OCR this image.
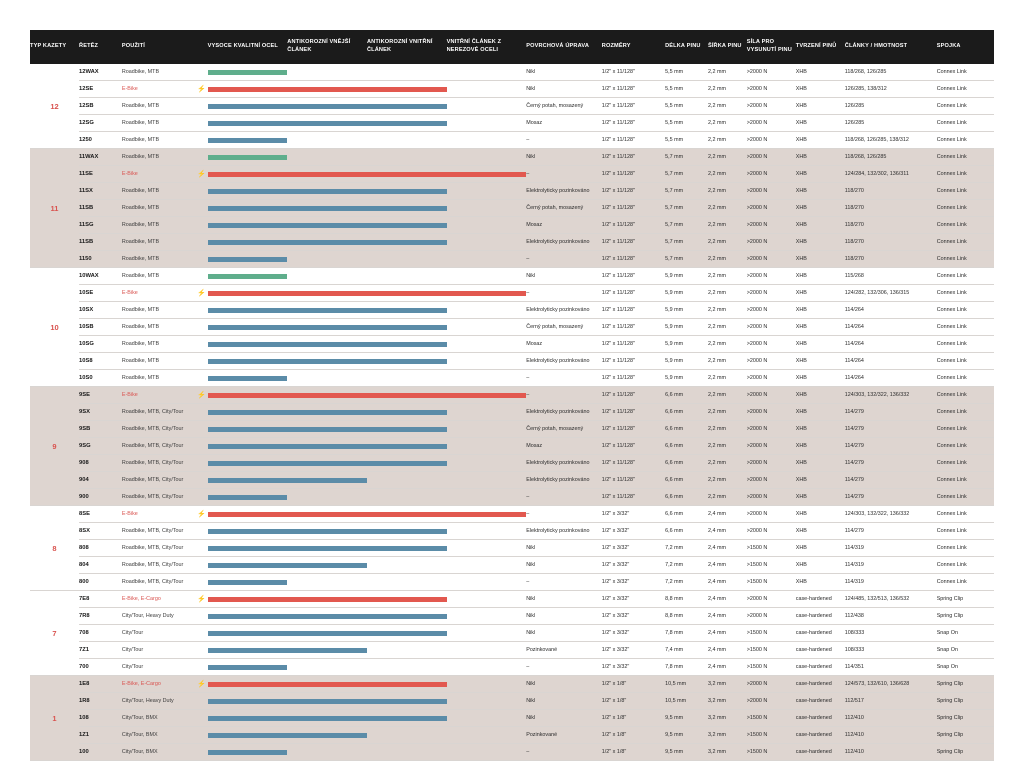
TYP KAZETY	ŘETĚZ	POUŽITÍ	VYSOCE KVALITNÍ OCEL	ANTIKOROZNÍ VNĚJŠÍ ČLÁNEK	ANTIKOROZNÍ VNITŘNÍ ČLÁNEK	VNITŘNÍ ČLÁNEK Z NEREZOVÉ OCELI	POVRCHOVÁ ÚPRAVA	ROZMĚRY	DÉLKA PINU	ŠÍŘKA PINU	SÍLA PRO VYSUNUTÍ PINU	TVRZENÍ PINŮ	ČLÁNKY / HMOTNOST	SPOJKA
12	12WAX	Roadbike, MTB					Nikl	1/2" x 11/128"	5,5 mm	2,2 mm	>2000 N	XHB	118/268, 126/285	Connex Link
	12SE	E-Bike ⚡					Nikl	1/2" x 11/128"	5,5 mm	2,2 mm	>2000 N	XHB	126/285, 138/312	Connex Link
	12SB	Roadbike, MTB					Černý potah, mosazený	1/2" x 11/128"	5,5 mm	2,2 mm	>2000 N	XHB	126/285	Connex Link
	12SG	Roadbike, MTB					Mosaz	1/2" x 11/128"	5,5 mm	2,2 mm	>2000 N	XHB	126/285	Connex Link
	1250	Roadbike, MTB					–	1/2" x 11/128"	5,5 mm	2,2 mm	>2000 N	XHB	118/268, 126/285, 138/312	Connex Link
11	11WAX	Roadbike, MTB					Nikl	1/2" x 11/128"	5,7 mm	2,2 mm	>2000 N	XHB	118/268, 126/285	Connex Link
	11SE	E-Bike ⚡					–	1/2" x 11/128"	5,7 mm	2,2 mm	>2000 N	XHB	124/284, 132/302, 136/311	Connex Link
	11SX	Roadbike, MTB					Elektrolyticky pozinkováno	1/2" x 11/128"	5,7 mm	2,2 mm	>2000 N	XHB	118/270	Connex Link
	11SB	Roadbike, MTB					Černý potah, mosazený	1/2" x 11/128"	5,7 mm	2,2 mm	>2000 N	XHB	118/270	Connex Link
	11SG	Roadbike, MTB					Mosaz	1/2" x 11/128"	5,7 mm	2,2 mm	>2000 N	XHB	118/270	Connex Link
	11SB	Roadbike, MTB					Elektrolyticky pozinkováno	1/2" x 11/128"	5,7 mm	2,2 mm	>2000 N	XHB	118/270	Connex Link
	1150	Roadbike, MTB					–	1/2" x 11/128"	5,7 mm	2,2 mm	>2000 N	XHB	118/270	Connex Link
10	10WAX	Roadbike, MTB					Nikl	1/2" x 11/128"	5,9 mm	2,2 mm	>2000 N	XHB	115/268	Connex Link
	10SE	E-Bike ⚡					–	1/2" x 11/128"	5,9 mm	2,2 mm	>2000 N	XHB	124/282, 132/306, 136/315	Connex Link
	10SX	Roadbike, MTB					Elektrolyticky pozinkováno	1/2" x 11/128"	5,9 mm	2,2 mm	>2000 N	XHB	114/264	Connex Link
	10SB	Roadbike, MTB					Černý potah, mosazený	1/2" x 11/128"	5,9 mm	2,2 mm	>2000 N	XHB	114/264	Connex Link
	10SG	Roadbike, MTB					Mosaz	1/2" x 11/128"	5,9 mm	2,2 mm	>2000 N	XHB	114/264	Connex Link
	10S8	Roadbike, MTB					Elektrolyticky pozinkováno	1/2" x 11/128"	5,9 mm	2,2 mm	>2000 N	XHB	114/264	Connex Link
	10S0	Roadbike, MTB					–	1/2" x 11/128"	5,9 mm	2,2 mm	>2000 N	XHB	114/264	Connex Link
9	9SE	E-Bike ⚡					–	1/2" x 11/128"	6,6 mm	2,2 mm	>2000 N	XHB	124/303, 132/322, 136/332	Connex Link
	9SX	Roadbike, MTB, City/Tour					Elektrolyticky pozinkováno	1/2" x 11/128"	6,6 mm	2,2 mm	>2000 N	XHB	114/279	Connex Link
	9SB	Roadbike, MTB, City/Tour					Černý potah, mosazený	1/2" x 11/128"	6,6 mm	2,2 mm	>2000 N	XHB	114/279	Connex Link
	9SG	Roadbike, MTB, City/Tour					Mosaz	1/2" x 11/128"	6,6 mm	2,2 mm	>2000 N	XHB	114/279	Connex Link
	908	Roadbike, MTB, City/Tour					Elektrolyticky pozinkováno	1/2" x 11/128"	6,6 mm	2,2 mm	>2000 N	XHB	114/279	Connex Link
	904	Roadbike, MTB, City/Tour					Elektrolyticky pozinkováno	1/2" x 11/128"	6,6 mm	2,2 mm	>2000 N	XHB	114/279	Connex Link
	900	Roadbike, MTB, City/Tour					–	1/2" x 11/128"	6,6 mm	2,2 mm	>2000 N	XHB	114/279	Connex Link
8	8SE	E-Bike ⚡					–	1/2" x 3/32"	6,6 mm	2,4 mm	>2000 N	XHB	124/303, 132/322, 136/332	Connex Link
	8SX	Roadbike, MTB, City/Tour					Elektrolyticky pozinkováno	1/2" x 3/32"	6,6 mm	2,4 mm	>2000 N	XHB	114/279	Connex Link
	808	Roadbike, MTB, City/Tour					Nikl	1/2" x 3/32"	7,2 mm	2,4 mm	>1500 N	XHB	114/319	Connex Link
	804	Roadbike, MTB, City/Tour					Nikl	1/2" x 3/32"	7,2 mm	2,4 mm	>1500 N	XHB	114/319	Connex Link
	800	Roadbike, MTB, City/Tour					–	1/2" x 3/32"	7,2 mm	2,4 mm	>1500 N	XHB	114/319	Connex Link
7	7E8	E-Bike, E-Cargo ⚡					Nikl	1/2" x 3/32"	8,8 mm	2,4 mm	>2000 N	case-hardened	124/485, 132/513, 136/532	Spring Clip
	7R8	City/Tour, Heavy Duty					Nikl	1/2" x 3/32"	8,8 mm	2,4 mm	>2000 N	case-hardened	112/438	Spring Clip
	708	City/Tour					Nikl	1/2" x 3/32"	7,8 mm	2,4 mm	>1500 N	case-hardened	108/333	Snap On
	7Z1	City/Tour					Pozinkované	1/2" x 3/32"	7,4 mm	2,4 mm	>1500 N	case-hardened	108/333	Snap On
	700	City/Tour					–	1/2" x 3/32"	7,8 mm	2,4 mm	>1500 N	case-hardened	114/351	Snap On
1	1E8	E-Bike, E-Cargo ⚡					Nikl	1/2" x 1/8"	10,5 mm	3,2 mm	>2000 N	case-hardened	124/573, 132/610, 136/628	Spring Clip
	1R8	City/Tour, Heavy Duty					Nikl	1/2" x 1/8"	10,5 mm	3,2 mm	>2000 N	case-hardened	112/517	Spring Clip
	108	City/Tour, BMX					Nikl	1/2" x 1/8"	9,5 mm	3,2 mm	>1500 N	case-hardened	112/410	Spring Clip
	1Z1	City/Tour, BMX					Pozinkované	1/2" x 1/8"	9,5 mm	3,2 mm	>1500 N	case-hardened	112/410	Spring Clip
	100	City/Tour, BMX					–	1/2" x 1/8"	9,5 mm	3,2 mm	>1500 N	case-hardened	112/410	Spring Clip
